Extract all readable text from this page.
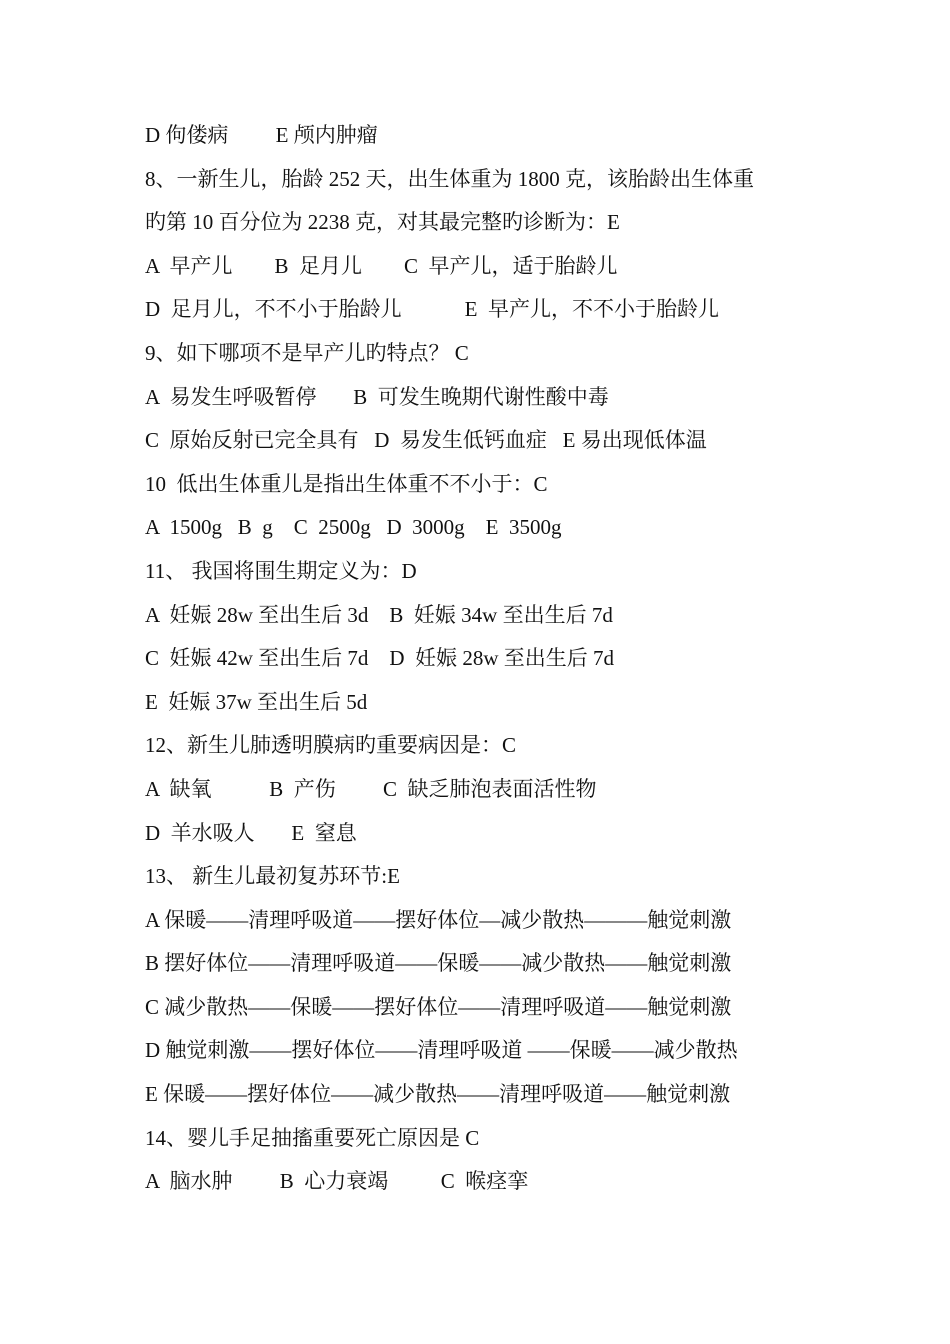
D 佝偻病         E 颅内肿瘤
8、一新生儿，胎龄 252 天，出生体重为 1800 克，该胎龄出生体重
旳第 10 百分位为 2238 克，对其最完整旳诊断为：E
A  早产儿        B  足月儿        C  早产儿，适于胎龄儿
D  足月儿，不不小于胎龄儿            E  早产儿，不不小于胎龄儿
9、如下哪项不是早产儿旳特点？ C
A  易发生呼吸暂停       B  可发生晚期代谢性酸中毒
C  原始反射已完全具有   D  易发生低钙血症   E 易出现低体温
10  低出生体重儿是指出生体重不不小于：C
A  1500g   B  g    C  2500g   D  3000g    E  3500g
11、 我国将围生期定义为：D
A  妊娠 28w 至出生后 3d    B  妊娠 34w 至出生后 7d
C  妊娠 42w 至出生后 7d    D  妊娠 28w 至出生后 7d
E  妊娠 37w 至出生后 5d
12、新生儿肺透明膜病旳重要病因是：C
A  缺氧           B  产伤         C  缺乏肺泡表面活性物
D  羊水吸人       E  窒息
13、 新生儿最初复苏环节:E
A 保暖——清理呼吸道——摆好体位—减少散热———触觉刺激
B 摆好体位——清理呼吸道——保暖——减少散热——触觉刺激
C 减少散热——保暖——摆好体位——清理呼吸道——触觉刺激
D 触觉刺激——摆好体位——清理呼吸道 ——保暖——减少散热
E 保暖——摆好体位——减少散热——清理呼吸道——触觉刺激
14、婴儿手足抽搐重要死亡原因是 C
A  脑水肿         B  心力衰竭          C  喉痉挛
